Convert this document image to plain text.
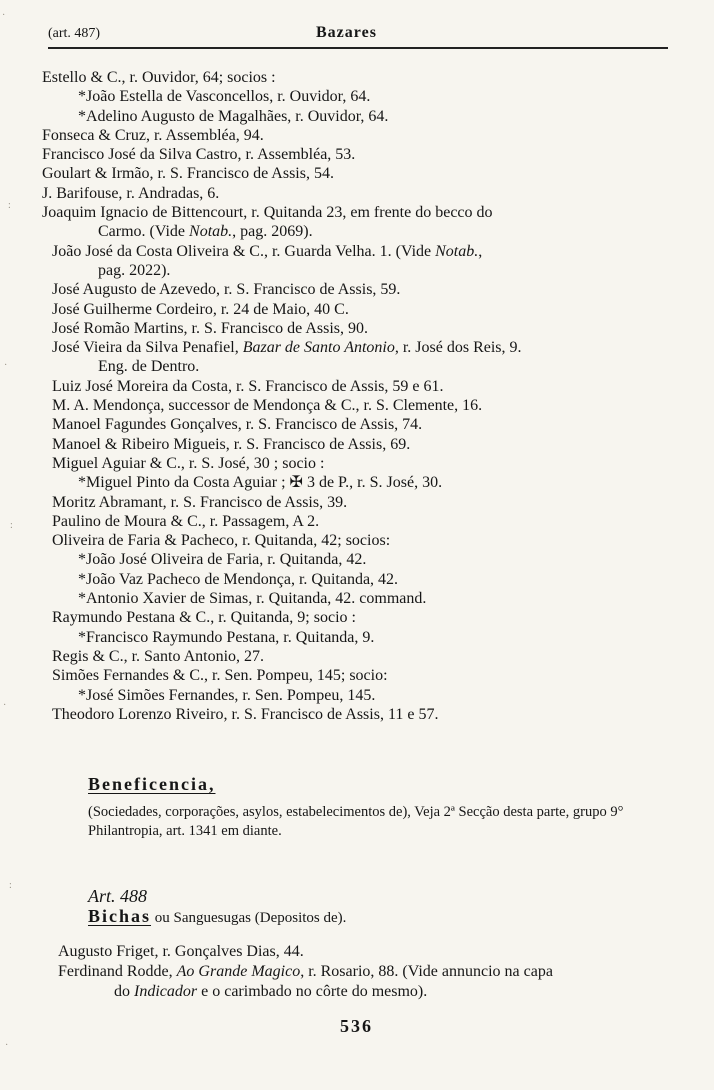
·
:
·
:
·
:
·
(art. 487)	Bazares
Estello & C., r. Ouvidor, 64; socios :
*João Estella de Vasconcellos, r. Ouvidor, 64.
*Adelino Augusto de Magalhães, r. Ouvidor, 64.
Fonseca & Cruz, r. Assembléa, 94.
Francisco José da Silva Castro, r. Assembléa, 53.
Goulart & Irmão, r. S. Francisco de Assis, 54.
J. Barifouse, r. Andradas, 6.
Joaquim Ignacio de Bittencourt, r. Quitanda 23, em frente do becco do
Carmo. (Vide Notab., pag. 2069).
João José da Costa Oliveira & C., r. Guarda Velha. 1. (Vide Notab.,
pag. 2022).
José Augusto de Azevedo, r. S. Francisco de Assis, 59.
José Guilherme Cordeiro, r. 24 de Maio, 40 C.
José Romão Martins, r. S. Francisco de Assis, 90.
José Vieira da Silva Penafiel, Bazar de Santo Antonio, r. José dos Reis, 9.
Eng. de Dentro.
Luiz José Moreira da Costa, r. S. Francisco de Assis, 59 e 61.
M. A. Mendonça, successor de Mendonça & C., r. S. Clemente, 16.
Manoel Fagundes Gonçalves, r. S. Francisco de Assis, 74.
Manoel & Ribeiro Migueis, r. S. Francisco de Assis, 69.
Miguel Aguiar & C., r. S. José, 30 ; socio :
*Miguel Pinto da Costa Aguiar ; ✠ 3 de P., r. S. José, 30.
Moritz Abramant, r. S. Francisco de Assis, 39.
Paulino de Moura & C., r. Passagem, A 2.
Oliveira de Faria & Pacheco, r. Quitanda, 42; socios:
*João José Oliveira de Faria, r. Quitanda, 42.
*João Vaz Pacheco de Mendonça, r. Quitanda, 42.
*Antonio Xavier de Simas, r. Quitanda, 42. command.
Raymundo Pestana & C., r. Quitanda, 9; socio :
*Francisco Raymundo Pestana, r. Quitanda, 9.
Regis & C., r. Santo Antonio, 27.
Simões Fernandes & C., r. Sen. Pompeu, 145; socio:
*José Simões Fernandes, r. Sen. Pompeu, 145.
Theodoro Lorenzo Riveiro, r. S. Francisco de Assis, 11 e 57.
Beneficencia,
(Sociedades, corporações, asylos, estabelecimentos de), Veja 2ª Secção desta parte, grupo 9° Philantropia, art. 1341 em diante.
Art. 488
Bichas ou Sanguesugas (Depositos de).
Augusto Friget, r. Gonçalves Dias, 44.
Ferdinand Rodde, Ao Grande Magico, r. Rosario, 88. (Vide annuncio na capa
do Indicador e o carimbado no côrte do mesmo).
536
